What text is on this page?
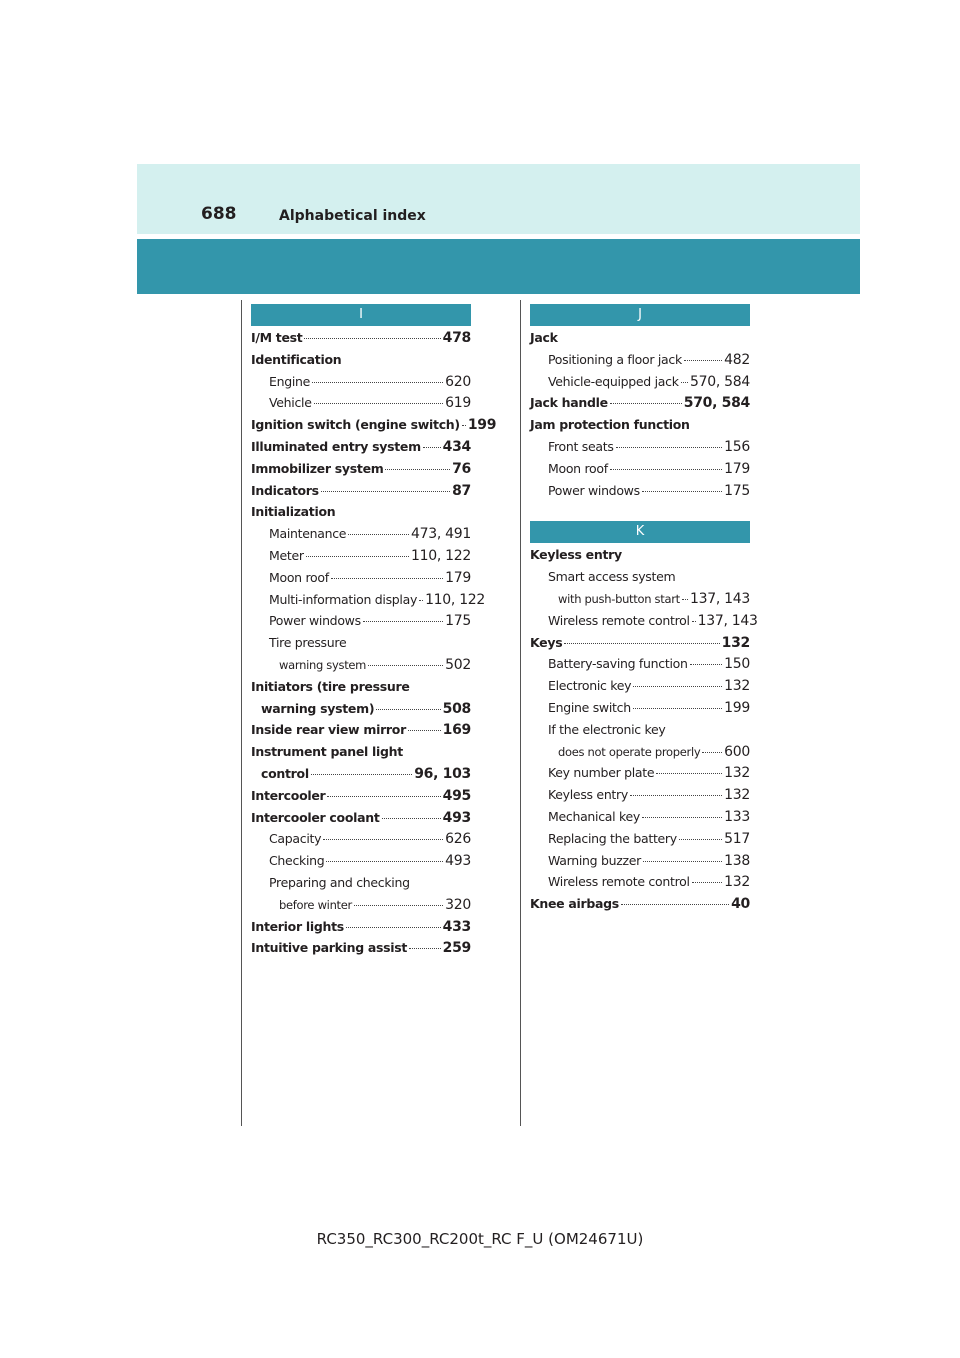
688	Alphabetical index
I
I/M test	478
Identification
Engine	620
Vehicle	619
Ignition switch (engine switch) 199
Illuminated entry system 434
Immobilizer system	76
Indicators	87
Initialization
Maintenance	473, 491
Meter	110, 122
Moon roof	179
Multi-information display 110, 122
Power windows	175
Tire pressure
warning system	502
Initiators (tire pressure
warning system)	508
Inside rear view mirror	169
Instrument panel light
control	96, 103
Intercooler	495
Intercooler coolant	493
Capacity	626
Checking	493
Preparing and checking
before winter	320
Interior lights	433
Intuitive parking assist	259
J
Jack
Positioning a floor jack	482
Vehicle-equipped jack 570, 584
Jack handle	570, 584
Jam protection function
Front seats	156
Moon roof	179
Power windows	175
K
Keyless entry
Smart access system
with push-button start 137, 143
Wireless remote control 137, 143
Keys	132
Battery-saving function	150
Electronic key	132
Engine switch	199
If the electronic key
does not operate properly 600
Key number plate	132
Keyless entry	132
Mechanical key	133
Replacing the battery	517
Warning buzzer	138
Wireless remote control 132
Knee airbags	40
RC350_RC300_RC200t_RC F_U (OM24671U)
